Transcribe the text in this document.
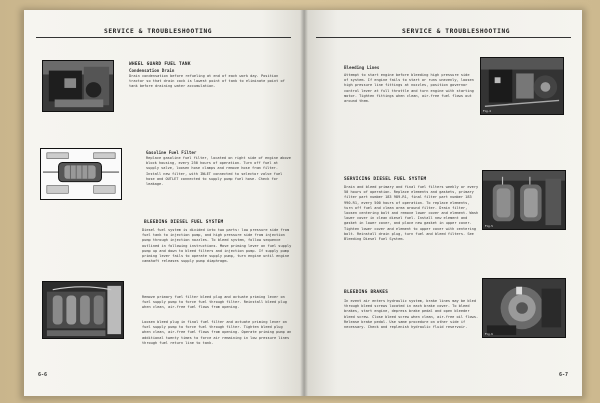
SERVICE & TROUBLESHOOTING
WHEEL GUARD FUEL TANK
Condensation Drain
Drain condensation before refueling at end of each work day. Position tractor so that drain cock is lowest point of tank to eliminate point of tank before draining water accumulation.
Gasoline Fuel Filter
Replace gasoline fuel filter, located on right side of engine above block housing, every 250 hours of operation. Turn off fuel at supply valve, loosen hose clamps and remove hose from filter. Install new filter, with INLET connected to selector valve fuel hose and OUTLET connected to supply pump fuel hose. Check for leakage.
BLEEDING DIESEL FUEL SYSTEM
Diesel fuel system is divided into two parts: low pressure side from fuel tank to injection pump, and high pressure side from injection pump through injection nozzles. To bleed system, follow sequence outlined in following instructions. Move priming lever on fuel supply pump up and down to bleed filters and injection pump. If supply pump priming lever fails to operate supply pump, turn engine until engine camshaft releases supply pump diaphragm.
Remove primary fuel filter bleed plug and actuate priming lever on fuel supply pump to force fuel through filter. Reinstall bleed plug when clean, air-free fuel flows from opening.
Loosen bleed plug in final fuel filter and actuate priming lever on fuel supply pump to force fuel through filter. Tighten bleed plug when clean, air-free fuel flows from opening. Operate priming pump an additional twenty times to force air remaining in low pressure lines through fuel return line to tank.
6-6
SERVICE & TROUBLESHOOTING
Bleeding Lines
Attempt to start engine before bleeding high pressure side of system. If engine fails to start or runs unevenly, loosen high pressure line fittings at nozzles, position governor control lever at full throttle and turn engine with starting motor. Tighten fittings when clean, air-free fuel flows out around them.
Fig.4
SERVICING DIESEL FUEL SYSTEM
Drain and bleed primary and final fuel filters weekly or every 50 hours of operation. Replace elements and gaskets, primary filter part number 183 989-R1, final filter part number 183 990-R1, every 500 hours of operation. To replace elements, turn off fuel and clean area around filter. Drain filter, loosen centering bolt and remove lower cover and element. Wash lower cover in clean diesel fuel. Install new element and gasket in lower cover, and place new gasket in upper cover. Tighten lower cover and element to upper cover with centering bolt. Reinstall drain plug, turn fuel and bleed filters. See Bleeding Diesel Fuel System.
Fig.5
BLEEDING BRAKES
In event air enters hydraulic system, brake lines may be bled through bleed screws located in each brake cover. To bleed brakes, start engine, depress brake pedal and open bleeder bleed screw. Close bleed screw when clean, air-free oil flows. Release brake pedal. Use same procedure on other side if necessary. Check and replenish hydraulic fluid reservoir.
Fig.6
6-7
